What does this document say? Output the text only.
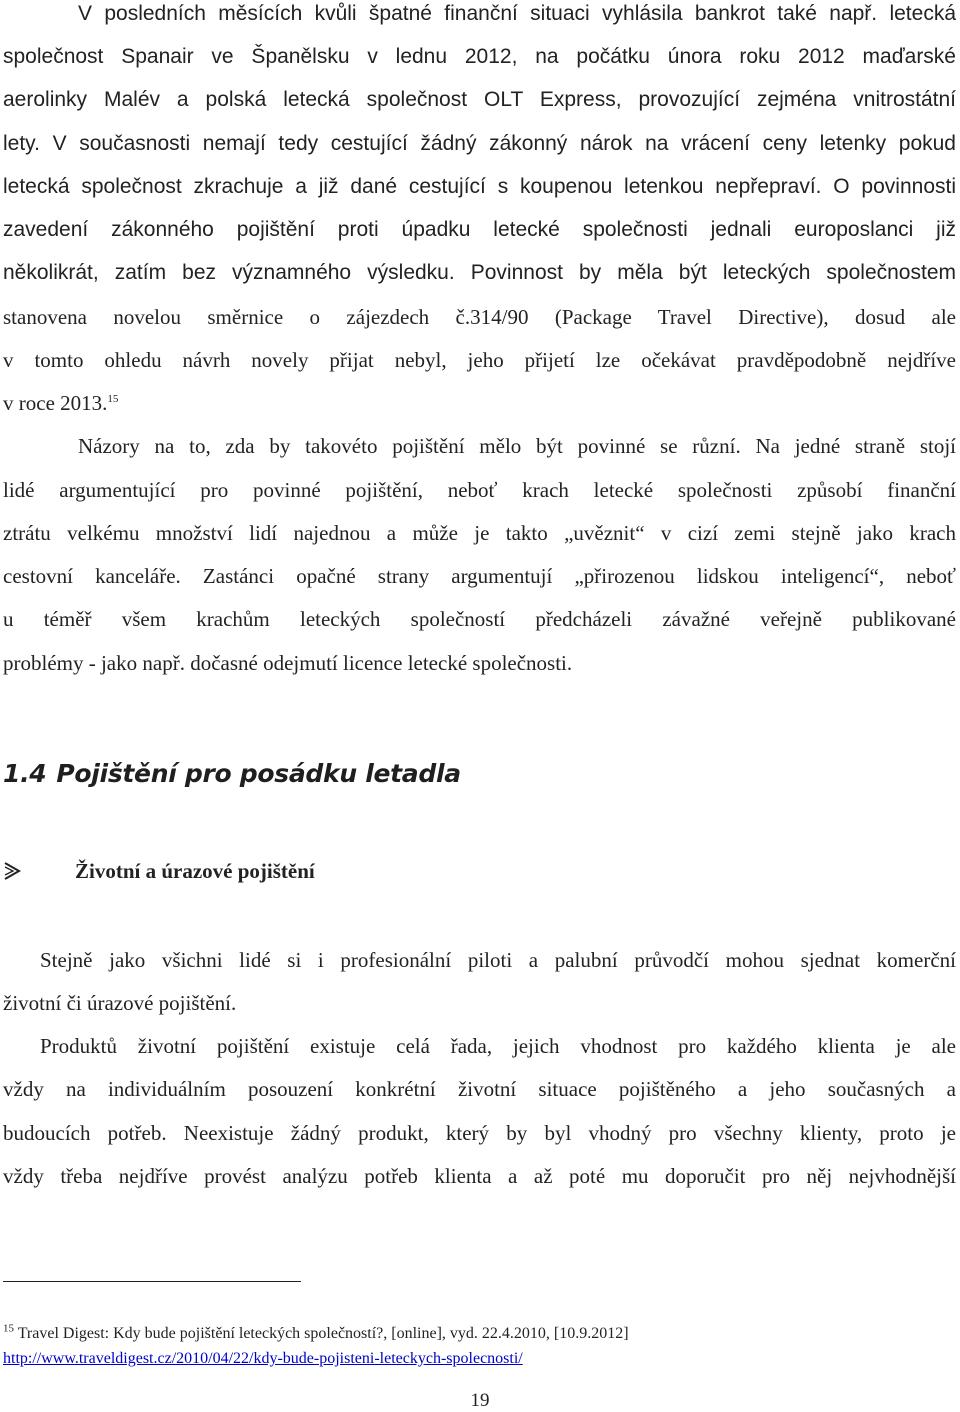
V posledních měsících kvůli špatné finanční situaci vyhlásila bankrot také např. letecká
společnost Spanair ve Španělsku v lednu 2012, na počátku února roku 2012 maďarské
aerolinky Malév a polská letecká společnost OLT Express, provozující zejména vnitrostátní
lety. V současnosti nemají tedy cestující žádný zákonný nárok na vrácení ceny letenky pokud
letecká společnost zkrachuje a již dané cestující s koupenou letenkou nepřepraví. O povinnosti
zavedení zákonného pojištění proti úpadku letecké společnosti jednali europoslanci již
několikrát, zatím bez významného výsledku. Povinnost by měla být leteckých společnostem
stanovena novelou směrnice o zájezdech č.314/90 (Package Travel Directive), dosud ale
v tomto ohledu návrh novely přijat nebyl, jeho přijetí lze očekávat pravděpodobně nejdříve
v roce 2013.15
Názory na to, zda by takovéto pojištění mělo být povinné se různí. Na jedné straně stojí
lidé argumentující pro povinné pojištění, neboť krach letecké společnosti způsobí finanční
ztrátu velkému množství lidí najednou a může je takto „uvěznit“ v cizí zemi stejně jako krach
cestovní kanceláře. Zastánci opačné strany argumentují „přirozenou lidskou inteligencí“, neboť
u téměř všem krachům leteckých společností předcházeli závažné veřejně publikované
problémy - jako např. dočasné odejmutí licence letecké společnosti.
1.4 Pojištění pro posádku letadla
Životní a úrazové pojištění
Stejně jako všichni lidé si i profesionální piloti a palubní průvodčí mohou sjednat komerční
životní či úrazové pojištění.
Produktů životní pojištění existuje celá řada, jejich vhodnost pro každého klienta je ale
vždy na individuálním posouzení konkrétní životní situace pojištěného a jeho současných a
budoucích potřeb. Neexistuje žádný produkt, který by byl vhodný pro všechny klienty, proto je
vždy třeba nejdříve provést analýzu potřeb klienta a až poté mu doporučit pro něj nejvhodnější
$^{15}$ Travel Digest: Kdy bude pojištění leteckých společností?, [online], vyd. 22.4.2010, [10.9.2012]
http://www.traveldigest.cz/2010/04/22/kdy-bude-pojisteni-leteckych-spolecnosti/
19
